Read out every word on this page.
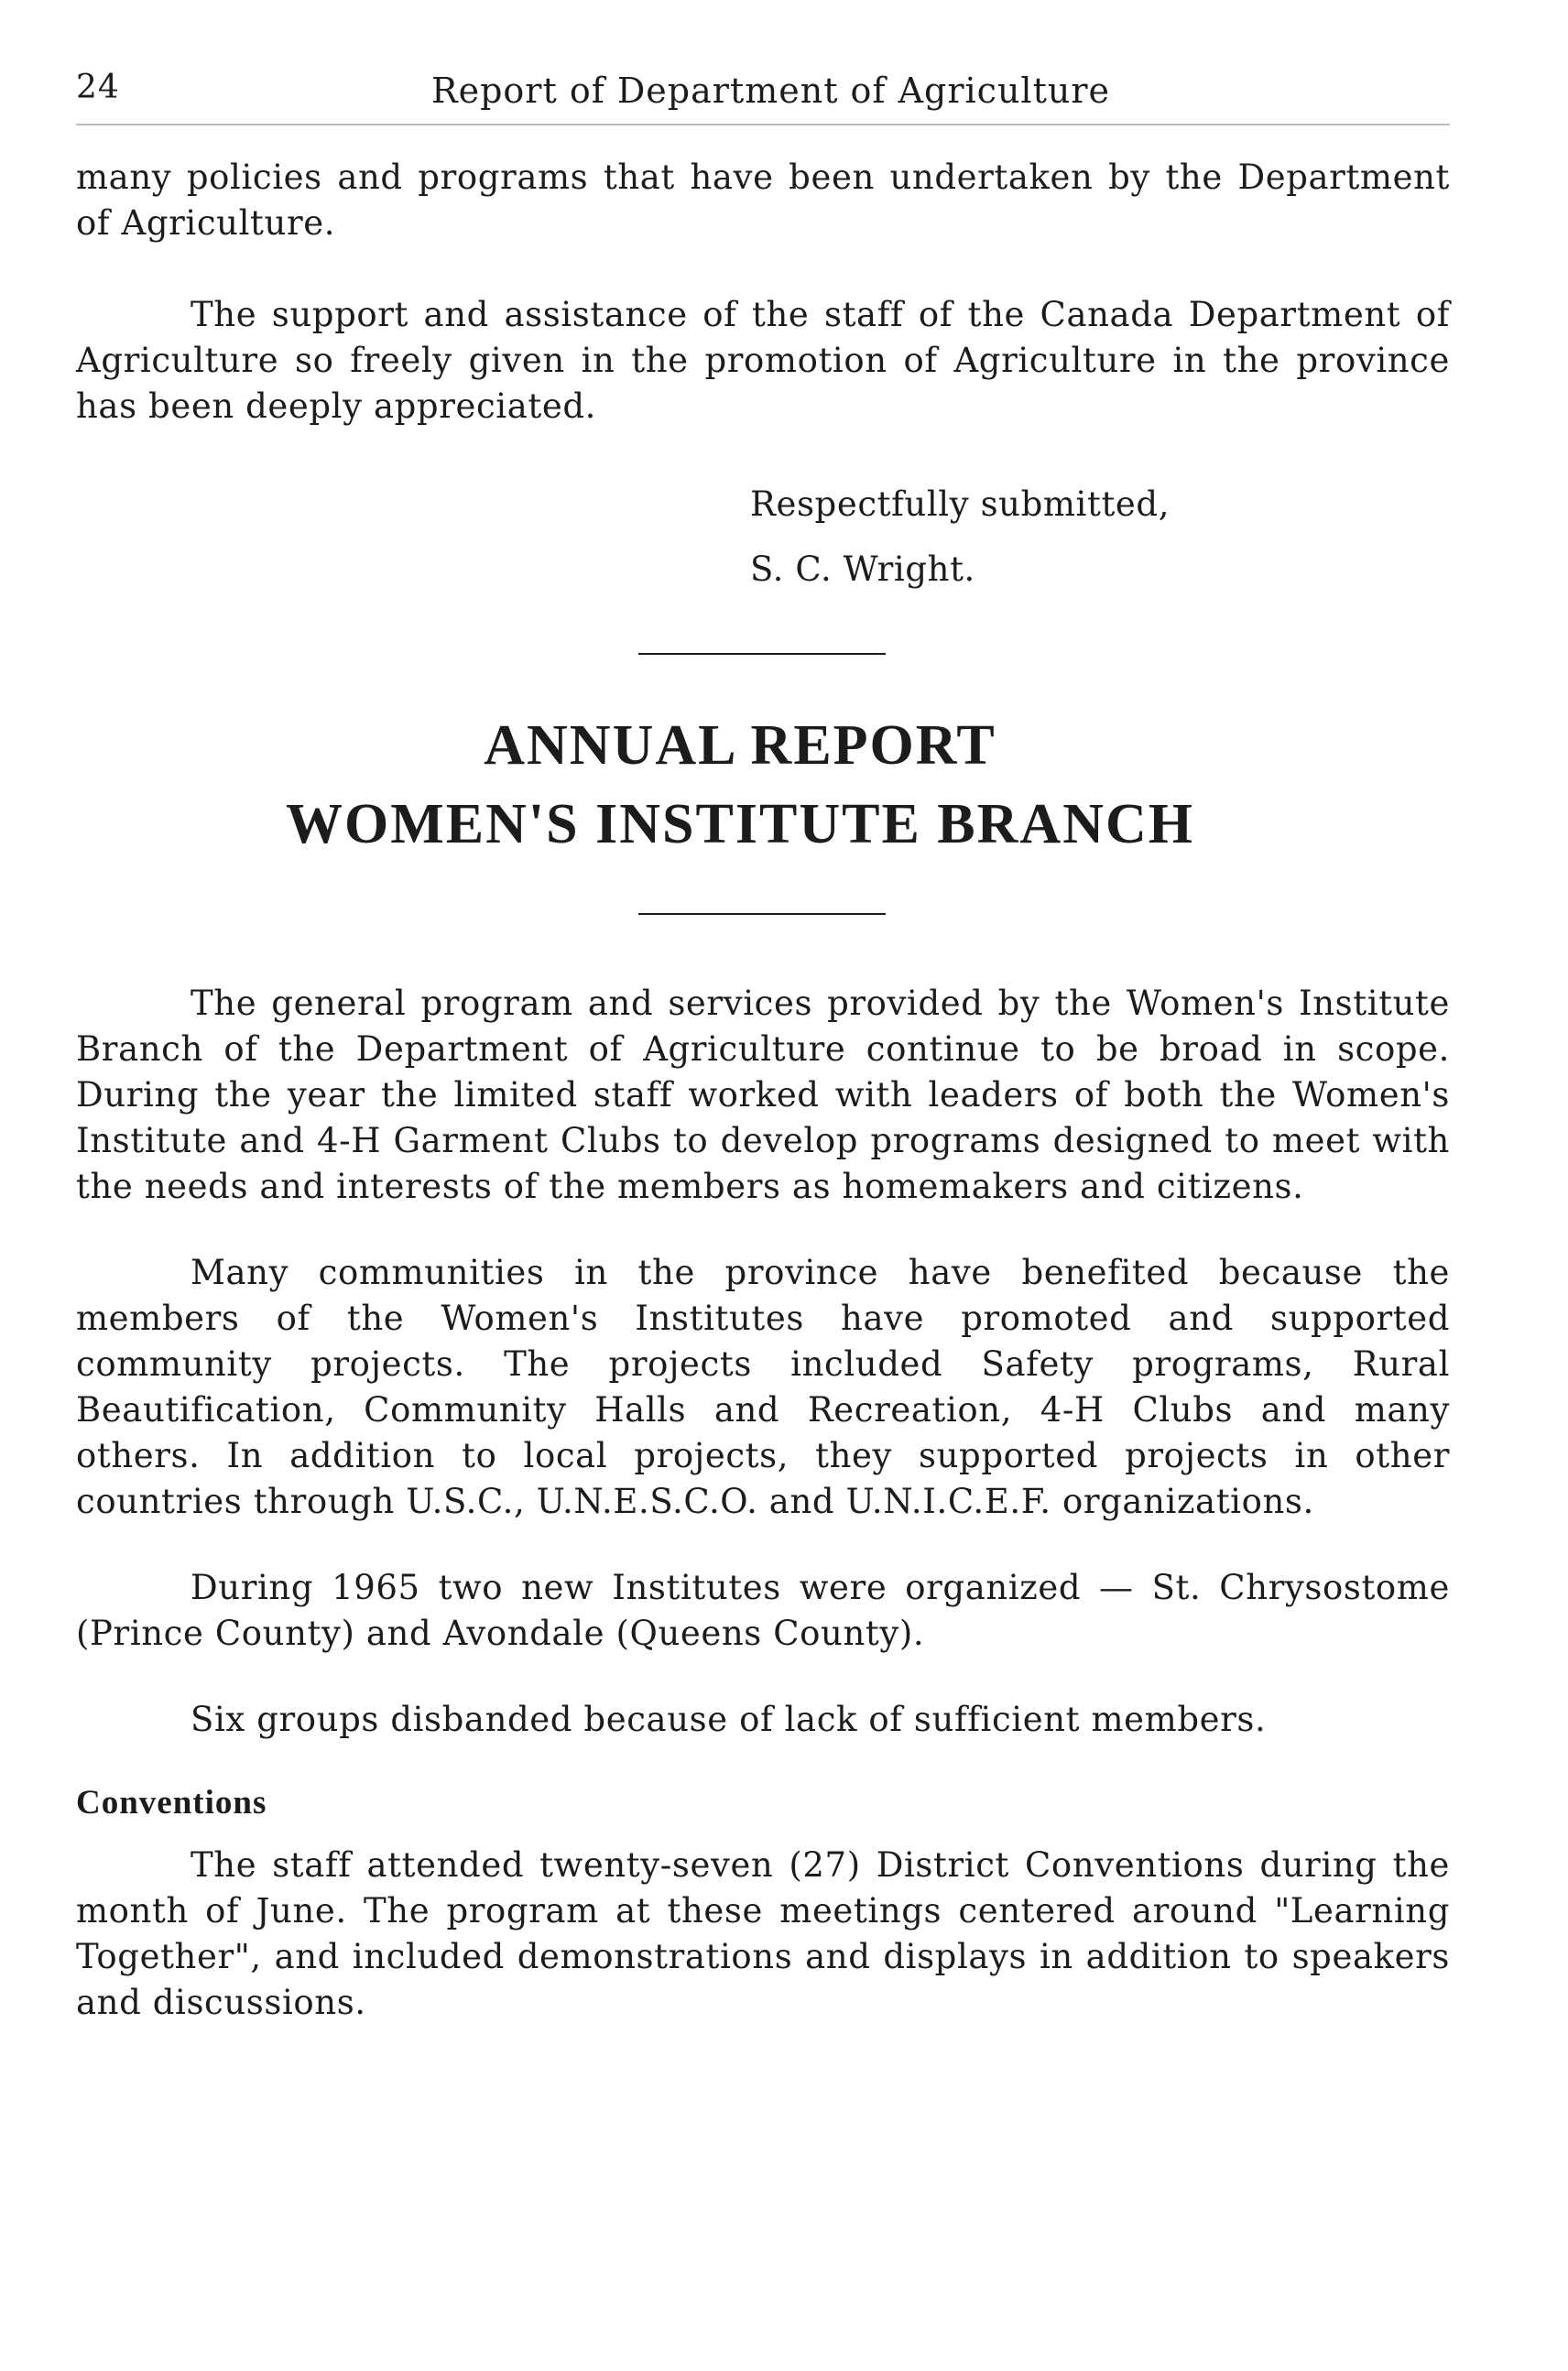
24	Report of Department of Agriculture

many policies and programs that have been undertaken by the Department of Agriculture.

The support and assistance of the staff of the Canada Department of Agriculture so freely given in the promotion of Agriculture in the province has been deeply appreciated.

Respectfully submitted,
S. C. Wright.
ANNUAL REPORT
WOMEN'S INSTITUTE BRANCH

The general program and services provided by the Women's Institute Branch of the Department of Agriculture continue to be broad in scope. During the year the limited staff worked with leaders of both the Women's Institute and 4-H Garment Clubs to develop programs designed to meet with the needs and interests of the members as homemakers and citizens.

Many communities in the province have benefited because the members of the Women's Institutes have promoted and supported community projects. The projects included Safety programs, Rural Beautification, Community Halls and Recreation, 4-H Clubs and many others. In addition to local projects, they supported projects in other countries through U.S.C., U.N.E.S.C.O. and U.N.I.C.E.F. organizations.

During 1965 two new Institutes were organized — St. Chrysostome (Prince County) and Avondale (Queens County).

Six groups disbanded because of lack of sufficient members.

Conventions

The staff attended twenty-seven (27) District Conventions during the month of June. The program at these meetings centered around "Learning Together", and included demonstrations and displays in addition to speakers and discussions.
